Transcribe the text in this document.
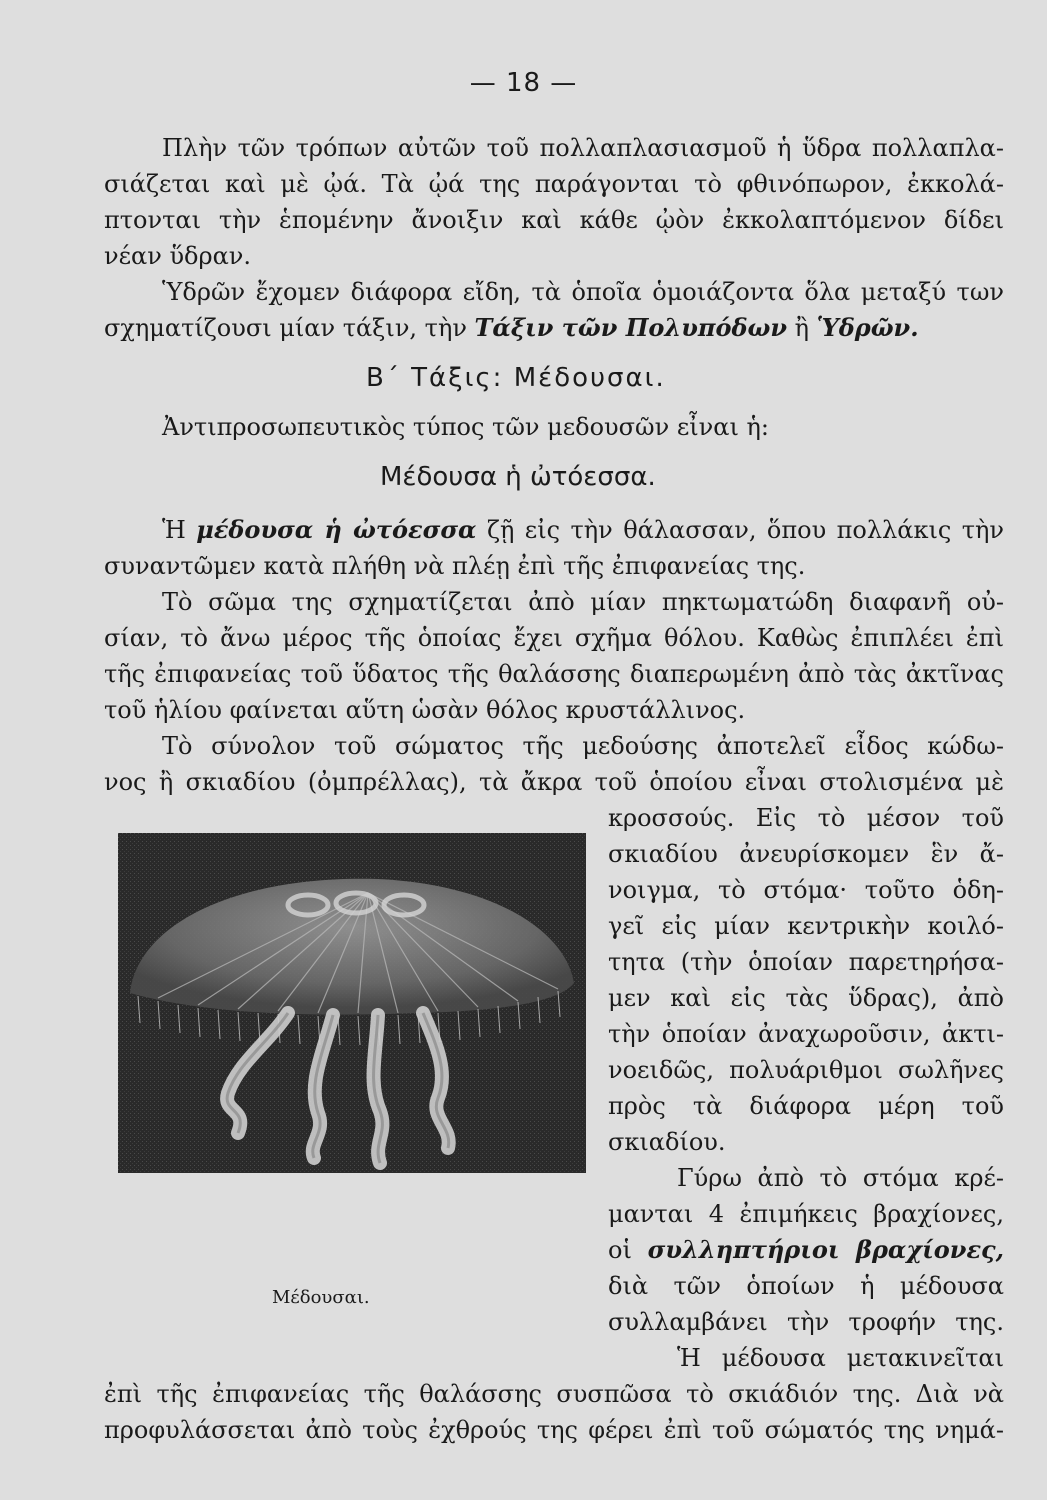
— 18 —
Πλὴν τῶν τρόπων αὐτῶν τοῦ πολλαπλασιασμοῦ ἡ ὕδρα πολλαπλα-
σιάζεται καὶ μὲ ᾠά. Τὰ ᾠά της παράγονται τὸ φθινόπωρον, ἐκκολά-
πτονται τὴν ἑπομένην ἄνοιξιν καὶ κάθε ᾠὸν ἐκκολαπτόμενον δίδει
νέαν ὕδραν.
Ὑδρῶν ἔχομεν διάφορα εἴδη, τὰ ὁποῖα ὁμοιάζοντα ὅλα μεταξύ των
σχηματίζουσι μίαν τάξιν, τὴν Τάξιν τῶν Πολυπόδων ἢ Ὑδρῶν.
Β΄ Τάξις: Μέδουσαι.
Ἀντιπροσωπευτικὸς τύπος τῶν μεδουσῶν εἶναι ἡ:
Μέδουσα ἡ ὠτόεσσα.
Ἡ μέδουσα ἡ ὠτόεσσα ζῇ εἰς τὴν θάλασσαν, ὅπου πολλάκις τὴν
συναντῶμεν κατὰ πλήθη νὰ πλέῃ ἐπὶ τῆς ἐπιφανείας της.
Τὸ σῶμα της σχηματίζεται ἀπὸ μίαν πηκτωματώδη διαφανῆ οὐ-
σίαν, τὸ ἄνω μέρος τῆς ὁποίας ἔχει σχῆμα θόλου. Καθὼς ἐπιπλέει ἐπὶ
τῆς ἐπιφανείας τοῦ ὕδατος τῆς θαλάσσης διαπερωμένη ἀπὸ τὰς ἀκτῖνας
τοῦ ἡλίου φαίνεται αὕτη ὡσὰν θόλος κρυστάλλινος.
Τὸ σύνολον τοῦ σώματος τῆς μεδούσης ἀποτελεῖ εἶδος κώδω-
νος ἢ σκιαδίου (ὀμπρέλλας), τὰ ἄκρα τοῦ ὁποίου εἶναι στολισμένα μὲ
κροσσούς. Εἰς τὸ μέσον τοῦ
σκιαδίου ἀνευρίσκομεν ἓν ἄ-
νοιγμα, τὸ στόμα· τοῦτο ὁδη-
γεῖ εἰς μίαν κεντρικὴν κοιλό-
τητα (τὴν ὁποίαν παρετηρήσα-
μεν καὶ εἰς τὰς ὕδρας), ἀπὸ
τὴν ὁποίαν ἀναχωροῦσιν, ἀκτι-
νοειδῶς, πολυάριθμοι σωλῆνες
πρὸς τὰ διάφορα μέρη τοῦ
σκιαδίου.
Γύρω ἀπὸ τὸ στόμα κρέ-
μανται 4 ἐπιμήκεις βραχίονες,
οἱ συλληπτήριοι βραχίονες,
διὰ τῶν ὁποίων ἡ μέδουσα
συλλαμβάνει τὴν τροφήν της.
Ἡ μέδουσα μετακινεῖται
Μέδουσαι.
ἐπὶ τῆς ἐπιφανείας τῆς θαλάσσης συσπῶσα τὸ σκιάδιόν της. Διὰ νὰ
προφυλάσσεται ἀπὸ τοὺς ἐχθρούς της φέρει ἐπὶ τοῦ σώματός της νημά-
